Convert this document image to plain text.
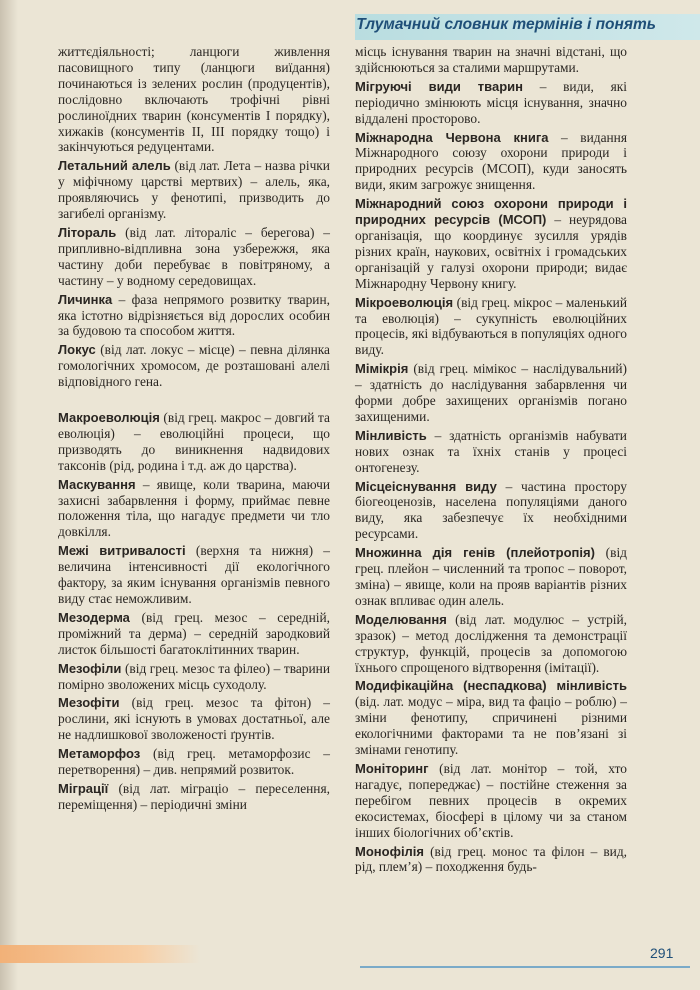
Тлумачний словник термінів і понять
життєдіяльності; ланцюги живлення пасовищного типу (ланцюги виїдання) починаються із зелених рослин (продуцентів), послідовно включають трофічні рівні рослиноїдних тварин (консументів І порядку), хижаків (консументів ІІ, ІІІ порядку тощо) і закінчуються редуцентами.
Летальний алель (від лат. Лета – назва річки у міфічному царстві мертвих) – алель, яка, проявляючись у фенотипі, призводить до загибелі організму.
Літораль (від лат. літораліс – берегова) – припливно-відпливна зона узбережжя, яка частину доби перебуває в повітряному, а частину – у водному середовищах.
Личинка – фаза непрямого розвитку тварин, яка істотно відрізняється від дорослих особин за будовою та способом життя.
Локус (від лат. локус – місце) – певна ділянка гомологічних хромосом, де розташовані алелі відповідного гена.
Макроеволюція (від грец. макрос – довгий та еволюція) – еволюційні процеси, що призводять до виникнення надвидових таксонів (рід, родина і т.д. аж до царства).
Маскування – явище, коли тварина, маючи захисні забарвлення і форму, приймає певне положення тіла, що нагадує предмети чи тло довкілля.
Межі витривалості (верхня та нижня) – величина інтенсивності дії екологічного фактору, за яким існування організмів певного виду стає неможливим.
Мезодерма (від грец. мезос – середній, проміжний та дерма) – середній зародковий листок більшості багатоклітинних тварин.
Мезофіли (від грец. мезос та філео) – тварини помірно зволожених місць суходолу.
Мезофіти (від грец. мезос та фітон) – рослини, які існують в умовах достатньої, але не надлишкової зволоженості ґрунтів.
Метаморфоз (від грец. метаморфозис – перетворення) – див. непрямий розвиток.
Міграції (від лат. міграціо – переселення, переміщення) – періодичні зміни
місць існування тварин на значні відстані, що здійснюються за сталими маршрутами.
Мігруючі види тварин – види, які періодично змінюють місця існування, значно віддалені просторово.
Міжнародна Червона книга – видання Міжнародного союзу охорони природи і природних ресурсів (МСОП), куди заносять види, яким загрожує знищення.
Міжнародний союз охорони природи і природних ресурсів (МСОП) – неурядова організація, що координує зусилля урядів різних країн, наукових, освітніх і громадських організацій у галузі охорони природи; видає Міжнародну Червону книгу.
Мікроеволюція (від грец. мікрос – маленький та еволюція) – сукупність еволюційних процесів, які відбуваються в популяціях одного виду.
Мімікрія (від грец. мімікос – наслідувальний) – здатність до наслідування забарвлення чи форми добре захищених організмів погано захищеними.
Мінливість – здатність організмів набувати нових ознак та їхніх станів у процесі онтогенезу.
Місцеіснування виду – частина простору біогеоценозів, населена популяціями даного виду, яка забезпечує їх необхідними ресурсами.
Множинна дія генів (плейотропія) (від грец. плейон – численний та тропос – поворот, зміна) – явище, коли на прояв варіантів різних ознак впливає один алель.
Моделювання (від лат. модулюс – устрій, зразок) – метод дослідження та демонстрації структур, функцій, процесів за допомогою їхнього спрощеного відтворення (імітації).
Модифікаційна (неспадкова) мінливість (від. лат. модус – міра, вид та фаціо – роблю) – зміни фенотипу, спричинені різними екологічними факторами та не пов’язані зі змінами генотипу.
Моніторинг (від лат. монітор – той, хто нагадує, попереджає) – постійне стеження за перебігом певних процесів в окремих екосистемах, біосфері в цілому чи за станом інших біологічних об’єктів.
Монофілія (від грец. монос та філон – вид, рід, плем’я) – походження будь-
291
